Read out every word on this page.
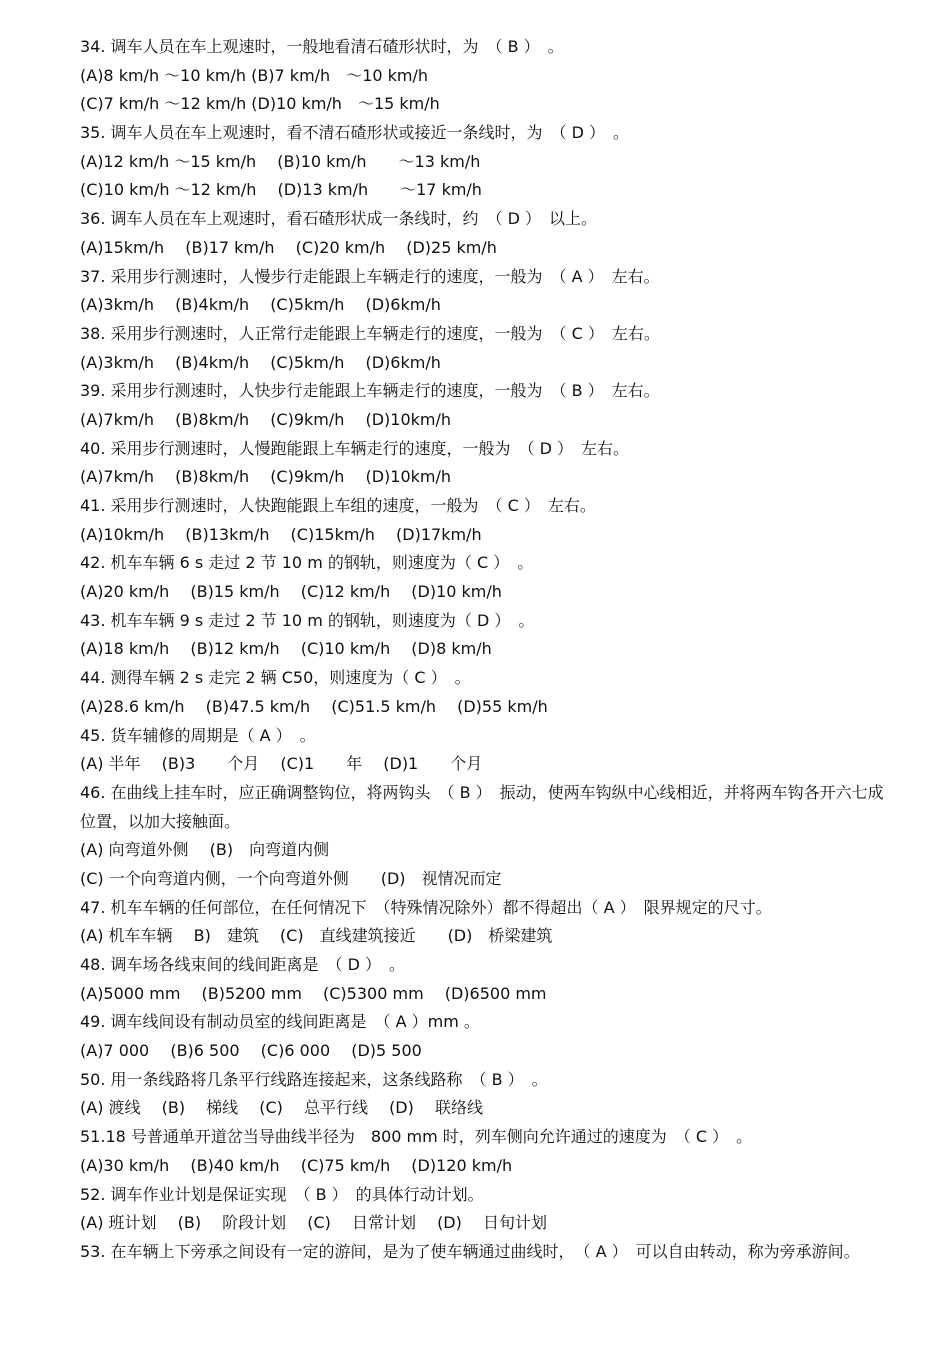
34. 调车人员在车上观速时，一般地看清石碴形状时，为　（ B ）　。
(A)8 km/h ～10 km/h (B)7 km/h　～10 km/h
(C)7 km/h ～12 km/h (D)10 km/h　～15 km/h
35. 调车人员在车上观速时，看不清石碴形状或接近一条线时，为　（ D ）　。
(A)12 km/h ～15 km/h　 (B)10 km/h　　～13 km/h
(C)10 km/h ～12 km/h　 (D)13 km/h　　～17 km/h
36. 调车人员在车上观速时，看石碴形状成一条线时，约　（ D ）　以上。
(A)15km/h　 (B)17 km/h　 (C)20 km/h　 (D)25 km/h
37. 采用步行测速时，人慢步行走能跟上车辆走行的速度，一般为　（ A ）　左右。
(A)3km/h　 (B)4km/h　 (C)5km/h　 (D)6km/h
38. 采用步行测速时，人正常行走能跟上车辆走行的速度，一般为　（ C ）　左右。
(A)3km/h　 (B)4km/h　 (C)5km/h　 (D)6km/h
39. 采用步行测速时，人快步行走能跟上车辆走行的速度，一般为　（ B ）　左右。
(A)7km/h　 (B)8km/h　 (C)9km/h　 (D)10km/h
40. 采用步行测速时，人慢跑能跟上车辆走行的速度，一般为　（ D ）　左右。
(A)7km/h　 (B)8km/h　 (C)9km/h　 (D)10km/h
41. 采用步行测速时，人快跑能跟上车组的速度，一般为　（ C ）　左右。
(A)10km/h　 (B)13km/h　 (C)15km/h　 (D)17km/h
42. 机车车辆 6 s 走过 2 节 10 m 的钢轨，则速度为（ C ）　。
(A)20 km/h　 (B)15 km/h　 (C)12 km/h　 (D)10 km/h
43. 机车车辆 9 s 走过 2 节 10 m 的钢轨，则速度为（ D ）　。
(A)18 km/h　 (B)12 km/h　 (C)10 km/h　 (D)8 km/h
44. 测得车辆 2 s 走完 2 辆 C50，则速度为（ C ）　。
(A)28.6 km/h　 (B)47.5 km/h　 (C)51.5 km/h　 (D)55 km/h
45. 货车辅修的周期是（ A ）　。
(A) 半年　 (B)3　　个月　 (C)1　　年　 (D)1　　个月
46. 在曲线上挂车时，应正确调整钩位，将两钩头　（ B ）　振动，使两车钩纵中心线相近，并将两车钩各开六七成位置，以加大接触面。
(A) 向弯道外侧　 (B)　向弯道内侧
(C) 一个向弯道内侧，一个向弯道外侧　　(D)　视情况而定
47. 机车车辆的任何部位，在任何情况下　（特殊情况除外）都不得超出（ A ）　限界规定的尺寸。
(A) 机车车辆　 B)　建筑　 (C)　直线建筑接近　　(D)　桥梁建筑
48. 调车场各线束间的线间距离是　（ D ）　。
(A)5000 mm　 (B)5200 mm　 (C)5300 mm　 (D)6500 mm
49. 调车线间设有制动员室的线间距离是　（ A ）mm 。
(A)7 000　 (B)6 500　 (C)6 000　 (D)5 500
50. 用一条线路将几条平行线路连接起来，这条线路称　（ B ）　。
(A) 渡线　 (B)　 梯线　 (C)　 总平行线　 (D)　 联络线
51.18 号普通单开道岔当导曲线半径为　800 mm 时，列车侧向允许通过的速度为　（ C ）　。
(A)30 km/h　 (B)40 km/h　 (C)75 km/h　 (D)120 km/h
52. 调车作业计划是保证实现　（ B ）　的具体行动计划。
(A) 班计划　 (B)　 阶段计划　 (C)　 日常计划　 (D)　 日旬计划
53. 在车辆上下旁承之间设有一定的游间，是为了使车辆通过曲线时，　（ A ）　可以自由转动，称为旁承游间。
